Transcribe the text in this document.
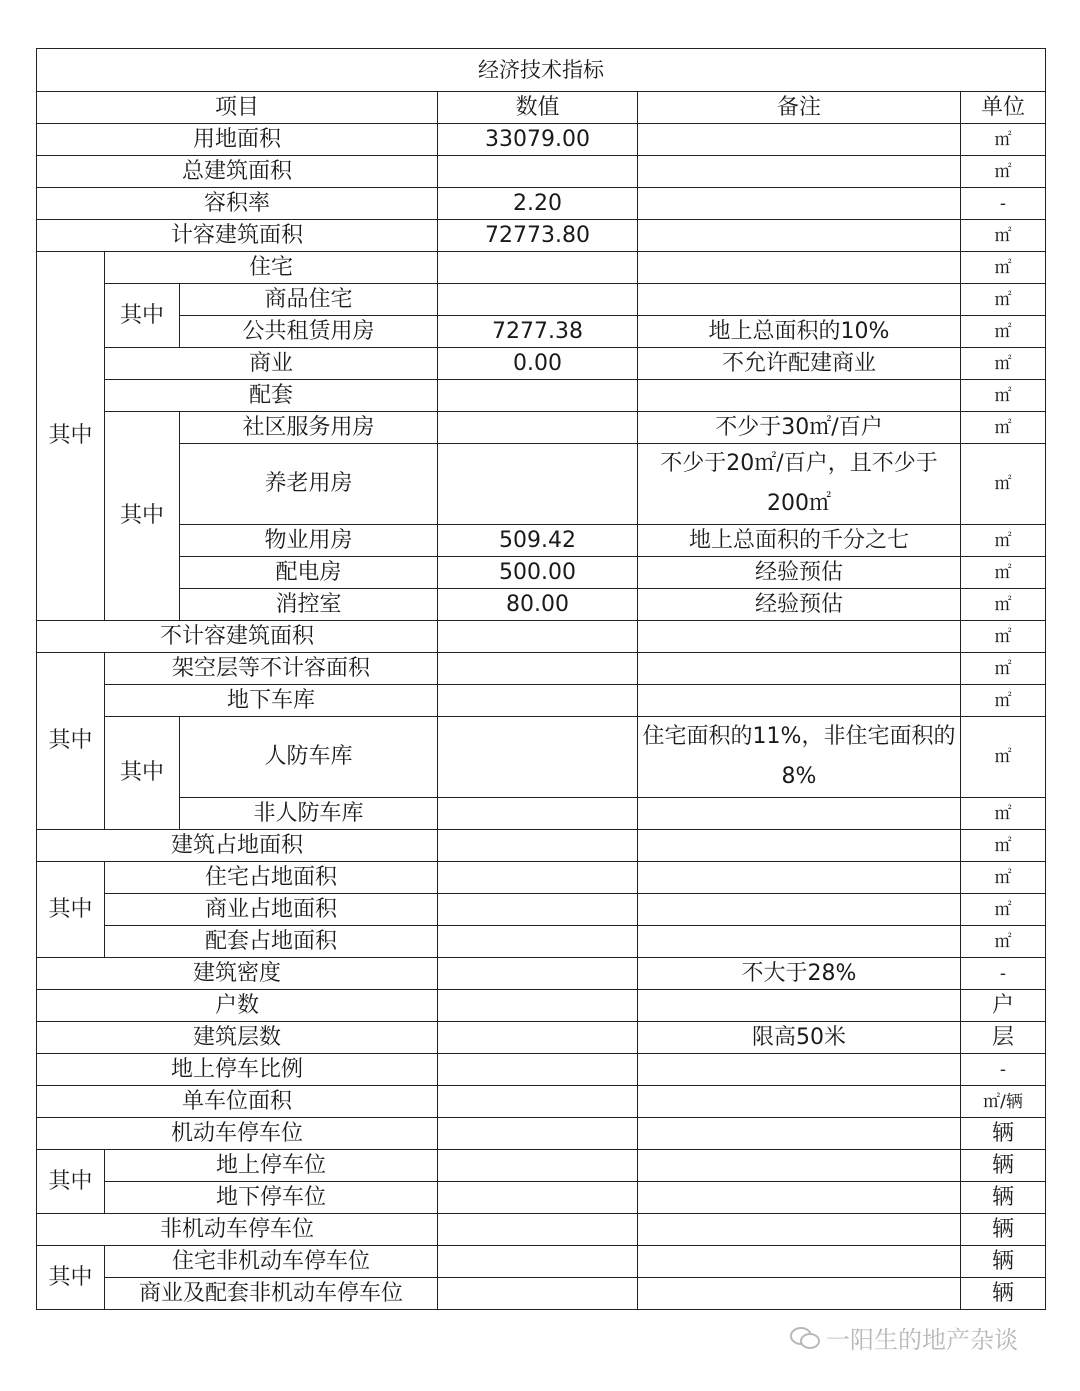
经济技术指标					
项目			数值	备注	单位
用地面积			33079.00		㎡
总建筑面积					㎡
容积率			2.20		-
计容建筑面积			72773.80		㎡
其中	住宅				㎡
	其中	商品住宅			㎡
		公共租赁用房	7277.38	地上总面积的10%	㎡
	商业		0.00	不允许配建商业	㎡
	配套				㎡
	其中	社区服务用房		不少于30㎡/百户	㎡
		养老用房		不少于20㎡/百户，且不少于200㎡	㎡
		物业用房	509.42	地上总面积的千分之七	㎡
		配电房	500.00	经验预估	㎡
		消控室	80.00	经验预估	㎡
不计容建筑面积					㎡
其中	架空层等不计容面积				㎡
	地下车库				㎡
	其中	人防车库		住宅面积的11%，非住宅面积的8%	㎡
		非人防车库			㎡
建筑占地面积					㎡
其中	住宅占地面积				㎡
	商业占地面积				㎡
	配套占地面积				㎡
建筑密度				不大于28%	-
户数					户
建筑层数				限高50米	层
地上停车比例					-
单车位面积					㎡/辆
机动车停车位					辆
其中	地上停车位				辆
	地下停车位				辆
非机动车停车位					辆
其中	住宅非机动车停车位				辆
	商业及配套非机动车停车位				辆
一阳生的地产杂谈
